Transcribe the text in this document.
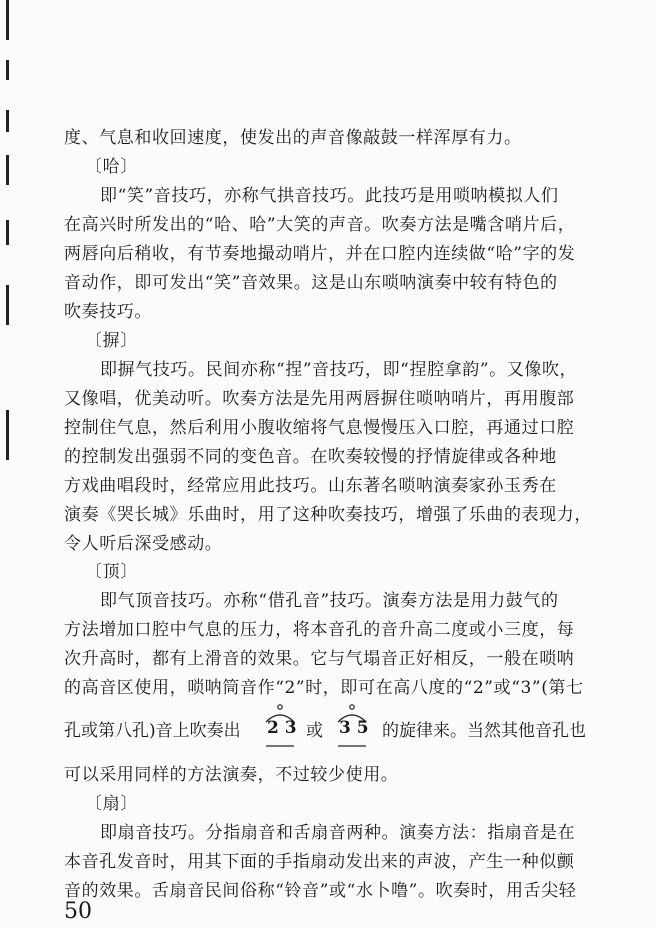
度、气息和收回速度，使发出的声音像敲鼓一样浑厚有力。
〔哈〕
即“笑”音技巧，亦称气拱音技巧。此技巧是用唢呐模拟人们
在高兴时所发出的“哈、哈”大笑的声音。吹奏方法是嘴含哨片后，
两唇向后稍收，有节奏地撮动哨片，并在口腔内连续做“哈”字的发
音动作，即可发出“笑”音效果。这是山东唢呐演奏中较有特色的
吹奏技巧。
〔摒〕
即摒气技巧。民间亦称“捏”音技巧，即“捏腔拿韵”。又像吹，
又像唱，优美动听。吹奏方法是先用两唇摒住唢呐哨片，再用腹部
控制住气息，然后利用小腹收缩将气息慢慢压入口腔，再通过口腔
的控制发出强弱不同的变色音。在吹奏较慢的抒情旋律或各种地
方戏曲唱段时，经常应用此技巧。山东著名唢呐演奏家孙玉秀在
演奏《哭长城》乐曲时，用了这种吹奏技巧，增强了乐曲的表现力，
令人听后深受感动。
〔顶〕
即气顶音技巧。亦称“借孔音”技巧。演奏方法是用力鼓气的
方法增加口腔中气息的压力，将本音孔的音升高二度或小三度，每
次升高时，都有上滑音的效果。它与气塌音正好相反，一般在唢呐
的高音区使用，唢呐筒音作“2”时，即可在高八度的“2”或“3”(第七
孔或第八孔)音上吹奏出 2 3 或 3 5 的旋律来。当然其他音孔也
可以采用同样的方法演奏，不过较少使用。
〔扇〕
即扇音技巧。分指扇音和舌扇音两种。演奏方法：指扇音是在
本音孔发音时，用其下面的手指扇动发出来的声波，产生一种似颤
音的效果。舌扇音民间俗称“铃音”或“水卜噜”。吹奏时，用舌尖轻
50
